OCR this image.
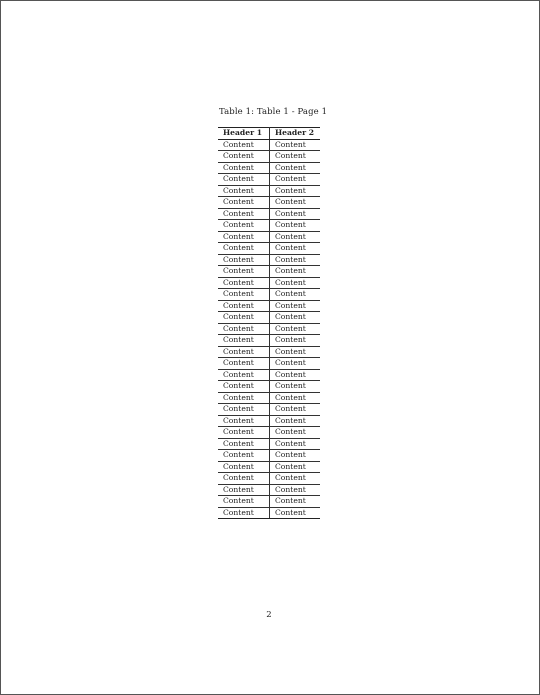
Table 1: Table 1 - Page 1
Header 1	Header 2
Content	Content
Content	Content
Content	Content
Content	Content
Content	Content
Content	Content
Content	Content
Content	Content
Content	Content
Content	Content
Content	Content
Content	Content
Content	Content
Content	Content
Content	Content
Content	Content
Content	Content
Content	Content
Content	Content
Content	Content
Content	Content
Content	Content
Content	Content
Content	Content
Content	Content
Content	Content
Content	Content
Content	Content
Content	Content
Content	Content
Content	Content
Content	Content
Content	Content
2
